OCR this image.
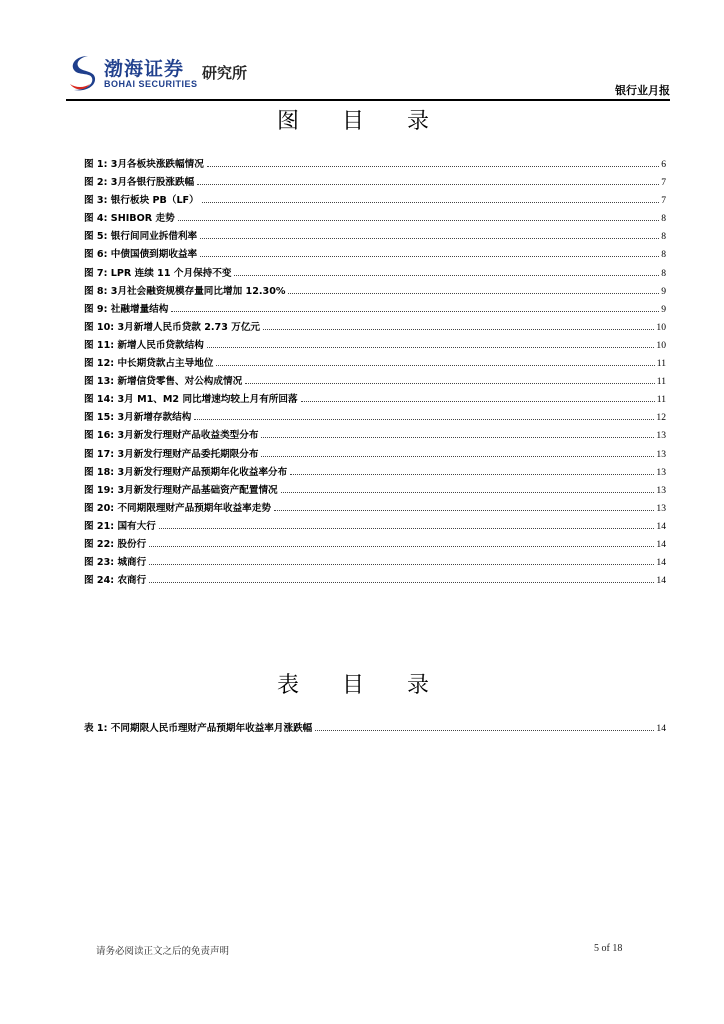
渤海证券
BOHAI SECURITIES
研究所
银行业月报
图 目 录
图 1: 3月各板块涨跌幅情况	6
图 2: 3月各银行股涨跌幅	7
图 3: 银行板块 PB（LF）	7
图 4: SHIBOR 走势	8
图 5: 银行间同业拆借利率	8
图 6: 中债国债到期收益率	8
图 7: LPR 连续 11 个月保持不变	8
图 8: 3月社会融资规模存量同比增加 12.30%	9
图 9: 社融增量结构	9
图 10: 3月新增人民币贷款 2.73 万亿元	10
图 11: 新增人民币贷款结构	10
图 12: 中长期贷款占主导地位	11
图 13: 新增信贷零售、对公构成情况	11
图 14: 3月 M1、M2 同比增速均较上月有所回落	11
图 15: 3月新增存款结构	12
图 16: 3月新发行理财产品收益类型分布	13
图 17: 3月新发行理财产品委托期限分布	13
图 18: 3月新发行理财产品预期年化收益率分布	13
图 19: 3月新发行理财产品基础资产配置情况	13
图 20: 不同期限理财产品预期年收益率走势	13
图 21: 国有大行	14
图 22: 股份行	14
图 23: 城商行	14
图 24: 农商行	14
表 目 录
表 1: 不同期限人民币理财产品预期年收益率月涨跌幅	14
请务必阅读正文之后的免责声明	5 of 18
